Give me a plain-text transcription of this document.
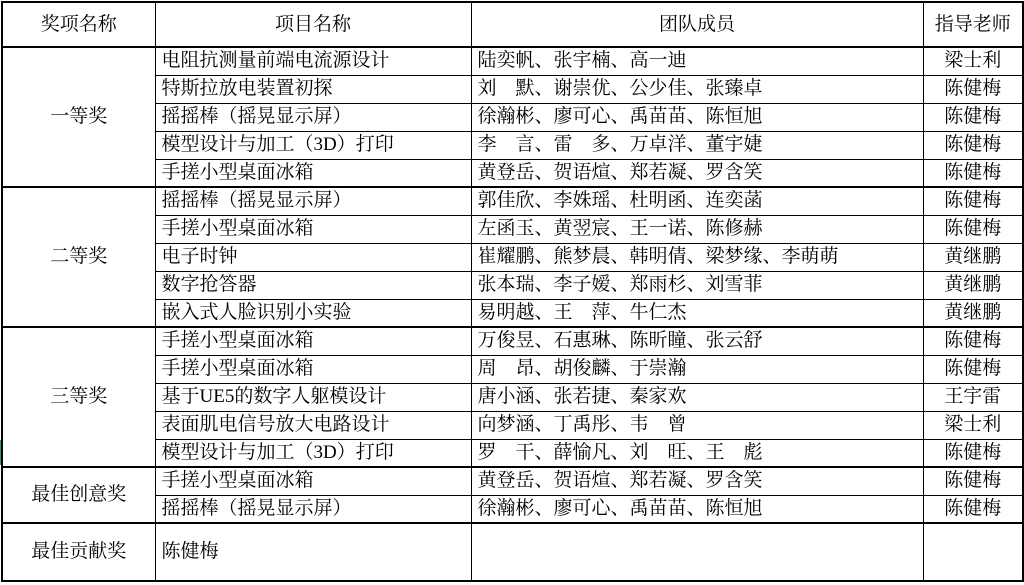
奖项名称	项目名称	团队成员	指导老师
一等奖	电阻抗测量前端电流源设计	陆奕帆、张宇楠、高一迪	梁士利
	特斯拉放电装置初探	刘　默、谢崇优、公少佳、张臻卓	陈健梅
	摇摇棒（摇晃显示屏）	徐瀚彬、廖可心、禹苗苗、陈恒旭	陈健梅
	模型设计与加工（3D）打印	李　言、雷　多、万卓洋、董宇婕	陈健梅
	手搓小型桌面冰箱	黄登岳、贺语煊、郑若凝、罗含笑	陈健梅
二等奖	摇摇棒（摇晃显示屏）	郭佳欣、李姝瑶、杜明函、连奕菡	陈健梅
	手搓小型桌面冰箱	左函玉、黄翌宸、王一诺、陈修赫	陈健梅
	电子时钟	崔耀鹏、熊梦晨、韩明倩、梁梦缘、李萌萌	黄继鹏
	数字抢答器	张本瑞、李子嫒、郑雨杉、刘雪菲	黄继鹏
	嵌入式人脸识别小实验	易明越、王　萍、牛仁杰	黄继鹏
三等奖	手搓小型桌面冰箱	万俊昱、石惠琳、陈昕瞳、张云舒	陈健梅
	手搓小型桌面冰箱	周　昂、胡俊麟、于崇瀚	陈健梅
	基于UE5的数字人躯模设计	唐小涵、张若捷、秦家欢	王宇雷
	表面肌电信号放大电路设计	向梦涵、丁禹彤、韦　曾	梁士利
	模型设计与加工（3D）打印	罗　干、薛愉凡、刘　旺、王　彪	陈健梅
最佳创意奖	手搓小型桌面冰箱	黄登岳、贺语煊、郑若凝、罗含笑	陈健梅
	摇摇棒（摇晃显示屏）	徐瀚彬、廖可心、禹苗苗、陈恒旭	陈健梅
最佳贡献奖	陈健梅		
